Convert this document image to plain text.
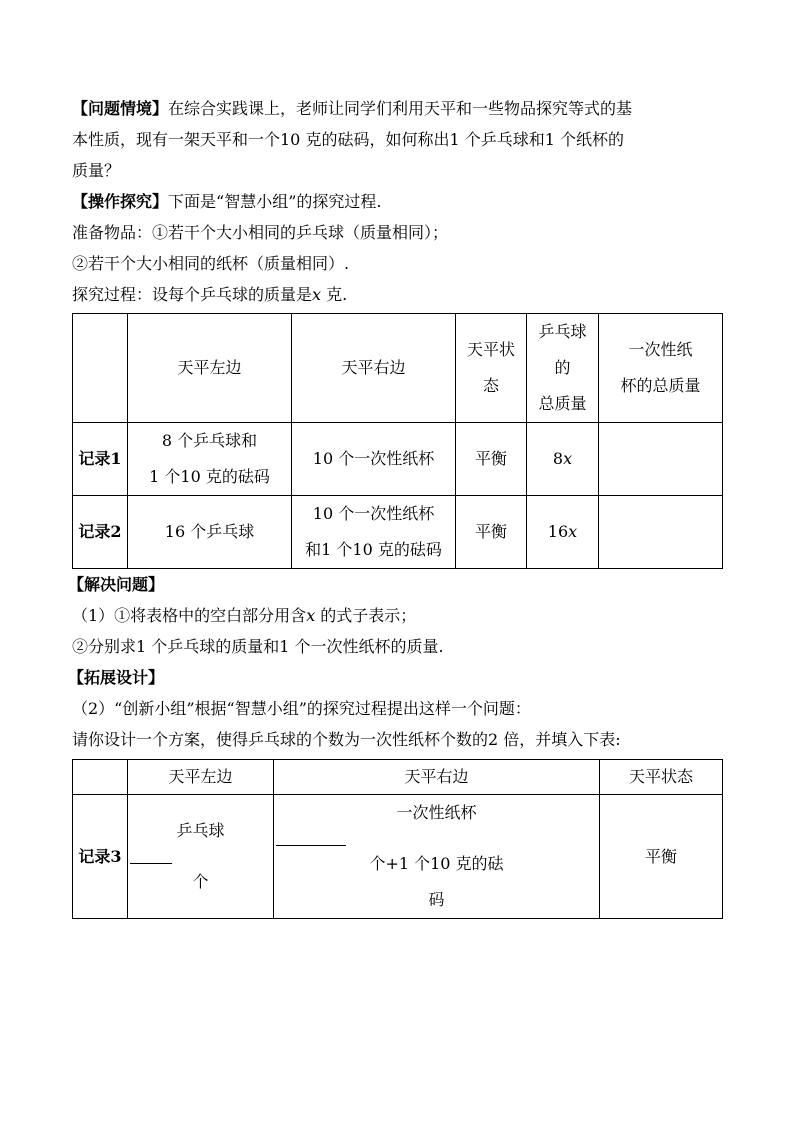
【问题情境】在综合实践课上，老师让同学们利用天平和一些物品探究等式的基
本性质，现有一架天平和一个10 克的砝码，如何称出1 个乒乓球和1 个纸杯的
质量？

【操作探究】下面是“智慧小组”的探究过程.

准备物品：①若干个大小相同的乒乓球（质量相同）；

②若干个大小相同的纸杯（质量相同）.

探究过程：设每个乒乓球的质量是x 克.

	天平左边	天平右边	天平状
态	乒乓球
的
总质量	一次性纸
杯的总质量

记录1	8 个乒乓球和
1 个10 克的砝码	10 个一次性纸杯	平衡	8x	
记录2	16 个乒乓球	10 个一次性纸杯
和1 个10 克的砝码	平衡	16x	

【解决问题】

（1）①将表格中的空白部分用含x 的式子表示；

②分别求1 个乒乓球的质量和1 个一次性纸杯的质量.

【拓展设计】

（2）“创新小组”根据“智慧小组”的探究过程提出这样一个问题：

请你设计一个方案，使得乒乓球的个数为一次性纸杯个数的2 倍，并填入下表:

	天平左边	天平右边	天平状态
记录3	乒乓球
个	一次性纸杯
个+1 个10 克的砝
码	平衡
